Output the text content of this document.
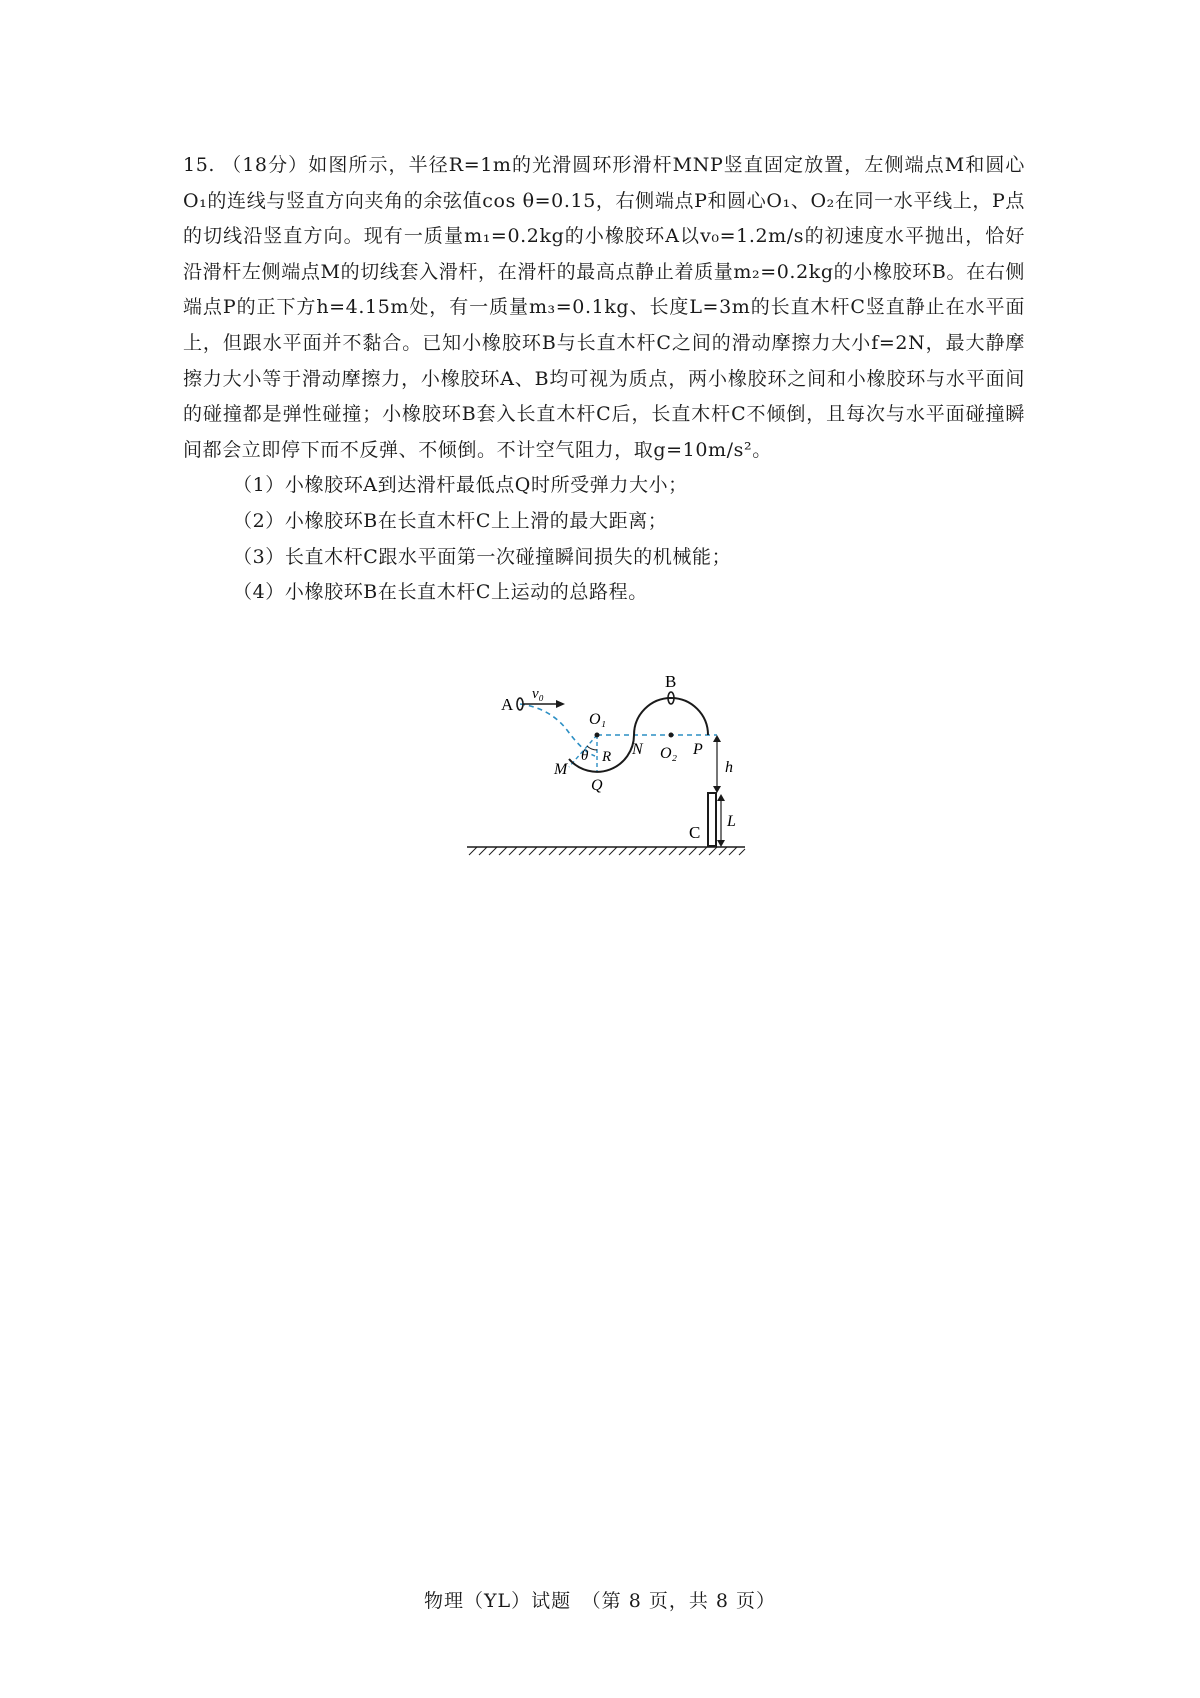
15. （18分）如图所示，半径R=1m的光滑圆环形滑杆MNP竖直固定放置，左侧端点M和圆心O₁的连线与竖直方向夹角的余弦值cos θ=0.15，右侧端点P和圆心O₁、O₂在同一水平线上，P点的切线沿竖直方向。现有一质量m₁=0.2kg的小橡胶环A以v₀=1.2m/s的初速度水平抛出，恰好沿滑杆左侧端点M的切线套入滑杆，在滑杆的最高点静止着质量m₂=0.2kg的小橡胶环B。在右侧端点P的正下方h=4.15m处，有一质量m₃=0.1kg、长度L=3m的长直木杆C竖直静止在水平面上，但跟水平面并不黏合。已知小橡胶环B与长直木杆C之间的滑动摩擦力大小f=2N，最大静摩擦力大小等于滑动摩擦力，小橡胶环A、B均可视为质点，两小橡胶环之间和小橡胶环与水平面间的碰撞都是弹性碰撞；小橡胶环B套入长直木杆C后，长直木杆C不倾倒，且每次与水平面碰撞瞬间都会立即停下而不反弹、不倾倒。不计空气阻力，取g=10m/s²。

（1）小橡胶环A到达滑杆最低点Q时所受弹力大小；
（2）小橡胶环B在长直木杆C上上滑的最大距离；
（3）长直木杆C跟水平面第一次碰撞瞬间损失的机械能；
（4）小橡胶环B在长直木杆C上运动的总路程。
A
v₀
O₁
B
M
θ R
Q
N O₂ P
h
C
L
物理（YL）试题　（第 8 页，共 8 页）
